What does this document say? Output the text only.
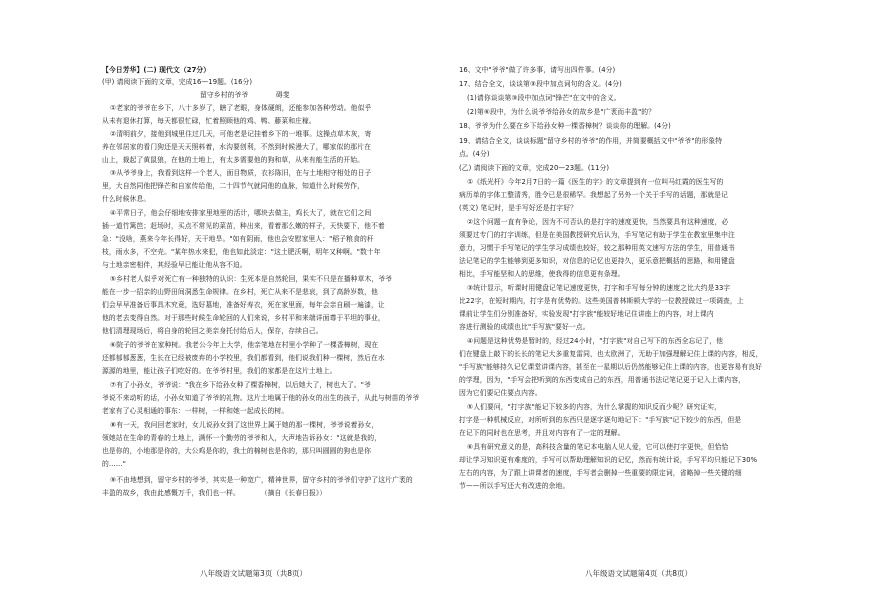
【今日芳华】(二) 现代文（27分）
(甲) 请阅读下面的文章，完成16—19题。(16分)
留守乡村的爷爷　　　　碍斐
①老家的爷爷在乡下，八十多岁了，瞎了老眼，身体硬朗，还能参加各种劳动。他似乎
从未有退休打算，每天都很忙碌，忙着照顾他的鸡、鸭、藤菜和庄稼。
②清明前夕，接他到城里住过几天，可他老是记挂着乡下的一堆事。这操点草木灰，寄
养在邻居家的看门狗还是天天照料着，水沟要创利，不然到时候漫大了，哪家似的那片在
山上，裁起了黄鼠狼，在他的土地上，有太多需要他的狗和草，从来有能生活的开始。
③从爷爷身上，我看到这样一个老人，面目物质，衣衫陈旧，在与土地相守相处的日子
里，大自然同他把锋芒和自家传给他，二十四节气就同他的血脉，知道什么时候劳作，
什么时候休息。
④平常日子，他会仔细地安排家里地里的活计，哪块去做主，鸡长大了，就在它们之间
插一道竹篱笆；赶场时，买点不常见的菜苗，种出来，看着那么嫩的样子，天快要下，他不着
急："没啥，燕来今年长得好，天干地旱。"如有阴雨，他也会安慰家里人："稻子粮食的秆
枝，雨水多，不空壳。"某年热水来犯，他也如此淡定："这土肥沃啊，明年又种啊。"数十年
与土地亲密相伴，其经验早已能让他从容不迫。
⑤乡村老人似乎对死亡有一种独特的认识：生死本是自然轮回，果实不只是在播种草木，爷爷
能在一步一招亲的山野田间洞悉生命规律。在乡村，死亡从来不是悲哀，到了高龄岁数，他
们会早早准备后事具木究竟，选好墓地，准备好寿衣，死在家里面，每年会亲自刷一遍漆，让
他的老去变得自然。对于那些时候生命轮回的人们来说，乡村平和来端详面尊于平坦的事业，
他们清理现场后，将自身的轮回之美亲身托付给后人，保存，存续自己。
⑥院子的爷爷在家种树。我老公今年上大学，他亲笔地在村里小学种了一棵香樟树，现在
还都郁郁葱葱，生长在已经被废弃的小学校里，我们都看到，他们说我们种一棵树，然后在水
源源的地里，能让孩子们吃好的。在爷爷村里，我们的家都是在这片土地上。
⑦有了小孙女，爷爷说："我在乡下给孙女种了棵香樟树，以后她大了，树也大了。"爷
爷说不来动听的话，小孙女知道了爷爷的礼物。这片土地属于他的孙女的出生的孩子，从此与树苗的爷爷
老家有了心灵相通的事东：一样树，一样和她一起成长的树。
⑧有一天，我问回老家时，女儿说孙女到了这世界上属于她的那一棵树，爷爷说着孙女，
领她站在生命的青春的土地上，满怀一个勤劳的爷爷和人，大声地告诉孙女："这就是我的，
也是你的，小地那是你的，大公鸡是你的，我土的棉树也是你的，那只叫圆圆的狗也是你
的……"
⑨不由地想到，留守乡村的爷爷，其实是一种宽广，精神世界，留守乡村的爷爷们守护了这片广袤的
丰盈的故乡，我由此感慨万千，我们也一样。　　　　（摘自《长春日报》）
八年级语文试题第3页（共8页）
16、文中"爷爷"做了许多事，请写出四件事。(4分)
17、结合全文，谈谈第③段中加点词句的含义。(4分)
(1)请你谈谈第③段中加点词"锋芒"在文中的含义。
(2)第⑥段中，为什么说爷爷给孙女的故乡是"广袤而丰盈"的？
18、爷爷为什么要在乡下给孙女种一棵香樟树？谈谈你的理解。(4分)
19、请结合全文，谈谈标题"留守乡村的爷爷"的作用，并简要概括文中"爷爷"的形象特
点。(4分)
(乙) 请阅读下面的文章，完成20—23题。(11分)
①《纸光杆》今年2月7日的一篇《医生的字》的文章提到有一位叫马红霞的医生写的
病历单的字体工整清秀，胜令已是很稀罕。我想起了另外一个关于手写的话题，那就是记
(英文) 笔记时，是手写好还是打字好？
②这个问题一直有争论，因为不可否认的是打字的速度更快，当然要具有这种速度，必
须要过专门的打字训练，但是在美国教授研究后认为，手写笔记有助于学生在教室里集中注
意力，习惯于手写笔记的学生学习成绩也较好，较之那种用英文速写方法的学生，用普通书
法记笔记的学生能够到更多知识，对信息的记忆也更持久，更乐意把概括的思路，和用键盘
相比，手写能坚和人的思维，使我得的信息更有条理。
③统计显示，听课时用键盘记笔记速度更快，打字和手写每分钟的速度之比大约是33字
比22字，在短时期内，打字是有优势的。这些美国普林斯顿大学的一位教授做过一项调查，上
课前让学生们分别准备好，实验发现"打字族"能较好地记住讲座上的内容，对上课内
容进行测验的成绩也比"手写族"要好一点。
④问题是这种优势是暂时的，经过24小时，"打字族"对自己写下的东西全忘记了，他
们在键盘上敲下的长长的笔记大多重复雷同，也太欧洲了，无助于加强理解记住上课的内容，相反，
"手写族"能够持久记忆课堂讲课内容，甚至在一星期以后仍然能够记住上课的内容，也更容易有良好
的学理，因为，"手写会把听到的东西变成自己的东西，用普通书法记笔记更于记入上课内容，
因为它们要记住要点内容。
⑤人们要问，"打字族"能记下较多的内容，为什么掌握的知识反而少呢？研究证实，
打字是一种机械反应，对所听到的东西只是逐字逐句地记下："手写族"记下较少的东西，但是
在记下的同时也在思考，并且对内容有了一定的理解。
⑥具有研究意义的是，高科技含量的笔记本电脑人见人爱，它可以使打字更快，但恰恰
却让学习知识更有难度的，手写可以帮助理解知识的记忆，然而有统计说，手写平均只能记下30%
左右的内容，为了跟上讲课者的速度，手写者会删掉一些重要的限定词，省略掉一些关键的细
节——所以手写还大有改进的余地。
八年级语文试题第4页（共8页）
